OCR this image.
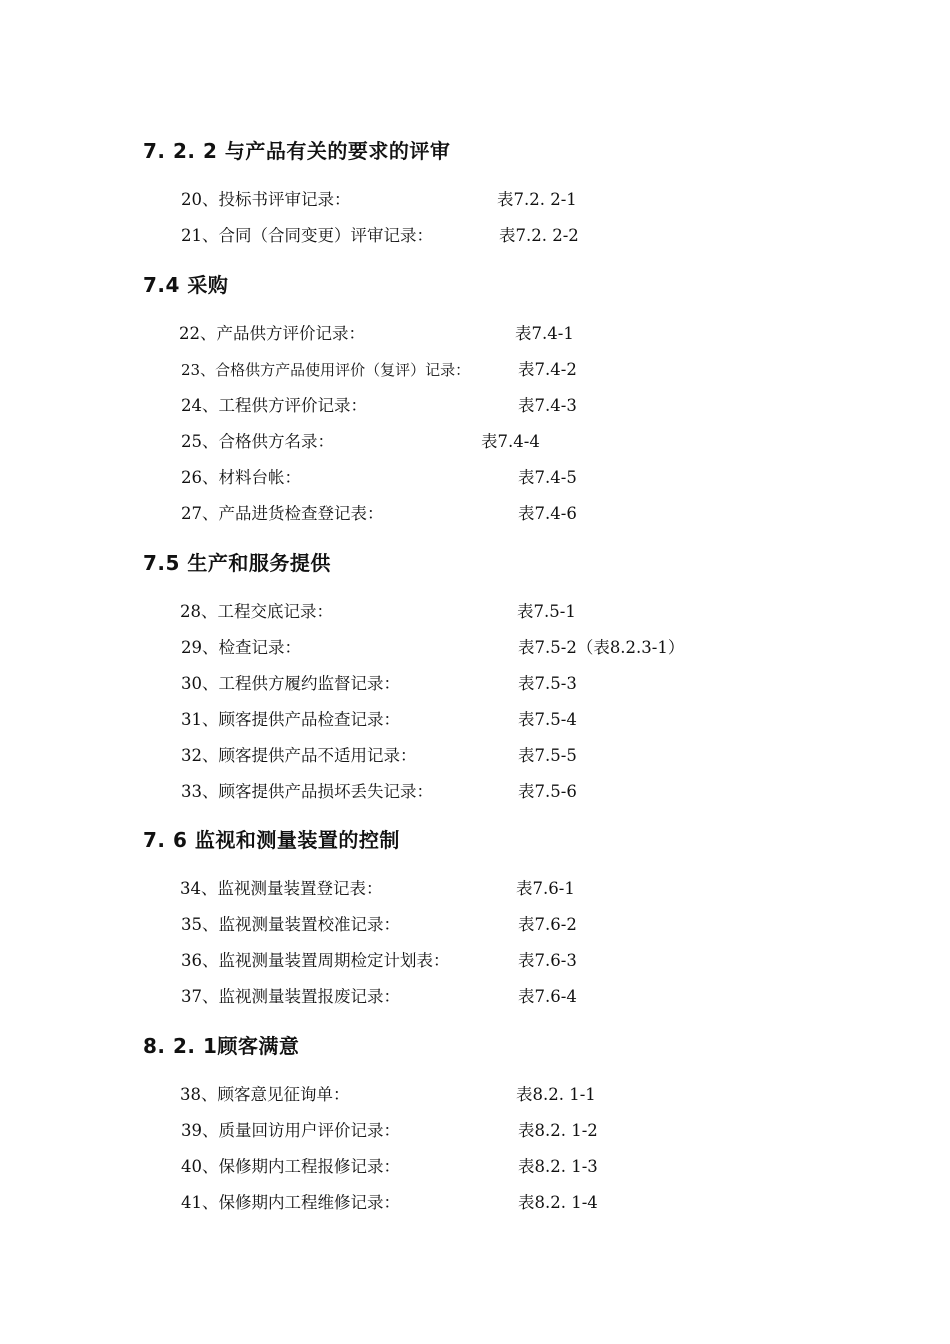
7. 2. 2 与产品有关的要求的评审
20、投标书评审记录：	表7.2. 2-1
21、合同（合同变更）评审记录：	表7.2. 2-2
7.4 采购
22、产品供方评价记录：	表7.4-1
23、合格供方产品使用评价（复评）记录：	表7.4-2
24、工程供方评价记录：	表7.4-3
25、合格供方名录：	表7.4-4
26、材料台帐：	表7.4-5
27、产品进货检查登记表：	表7.4-6
7.5 生产和服务提供
28、工程交底记录：	表7.5-1
29、检查记录：	表7.5-2（表8.2.3-1）
30、工程供方履约监督记录：	表7.5-3
31、顾客提供产品检查记录：	表7.5-4
32、顾客提供产品不适用记录：	表7.5-5
33、顾客提供产品损坏丢失记录：	表7.5-6
7. 6 监视和测量装置的控制
34、监视测量装置登记表：	表7.6-1
35、监视测量装置校准记录：	表7.6-2
36、监视测量装置周期检定计划表：	表7.6-3
37、监视测量装置报废记录：	表7.6-4
8. 2. 1顾客满意
38、顾客意见征询单：	表8.2. 1-1
39、质量回访用户评价记录：	表8.2. 1-2
40、保修期内工程报修记录：	表8.2. 1-3
41、保修期内工程维修记录：	表8.2. 1-4
